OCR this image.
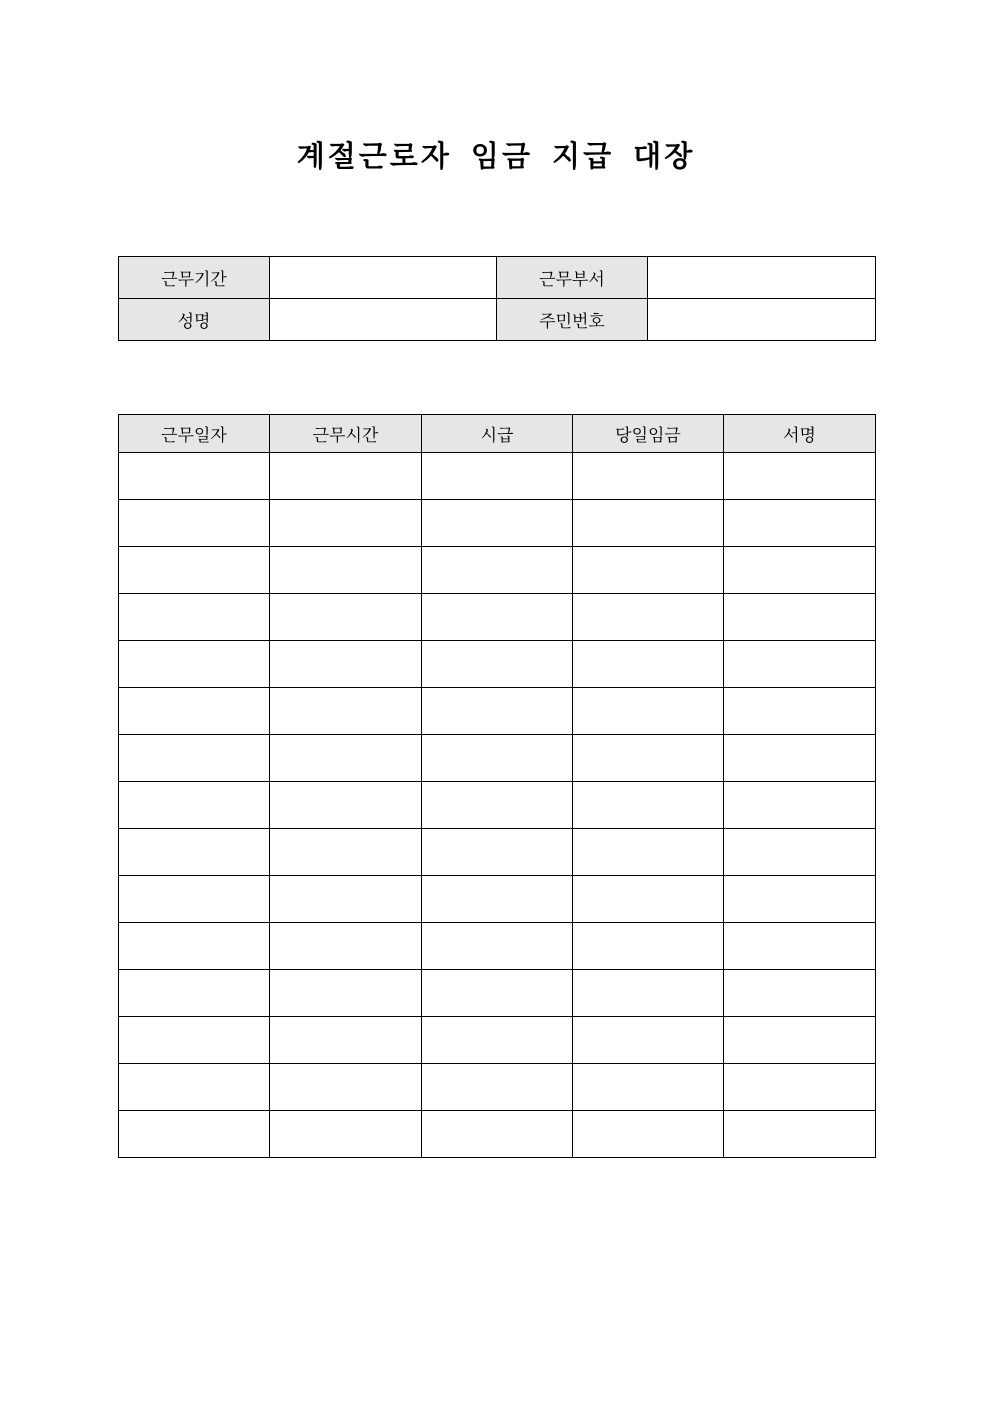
계절근로자 임금 지급 대장
근무기간		근무부서	
성명		주민번호	
근무일자	근무시간	시급	당일임금	서명
